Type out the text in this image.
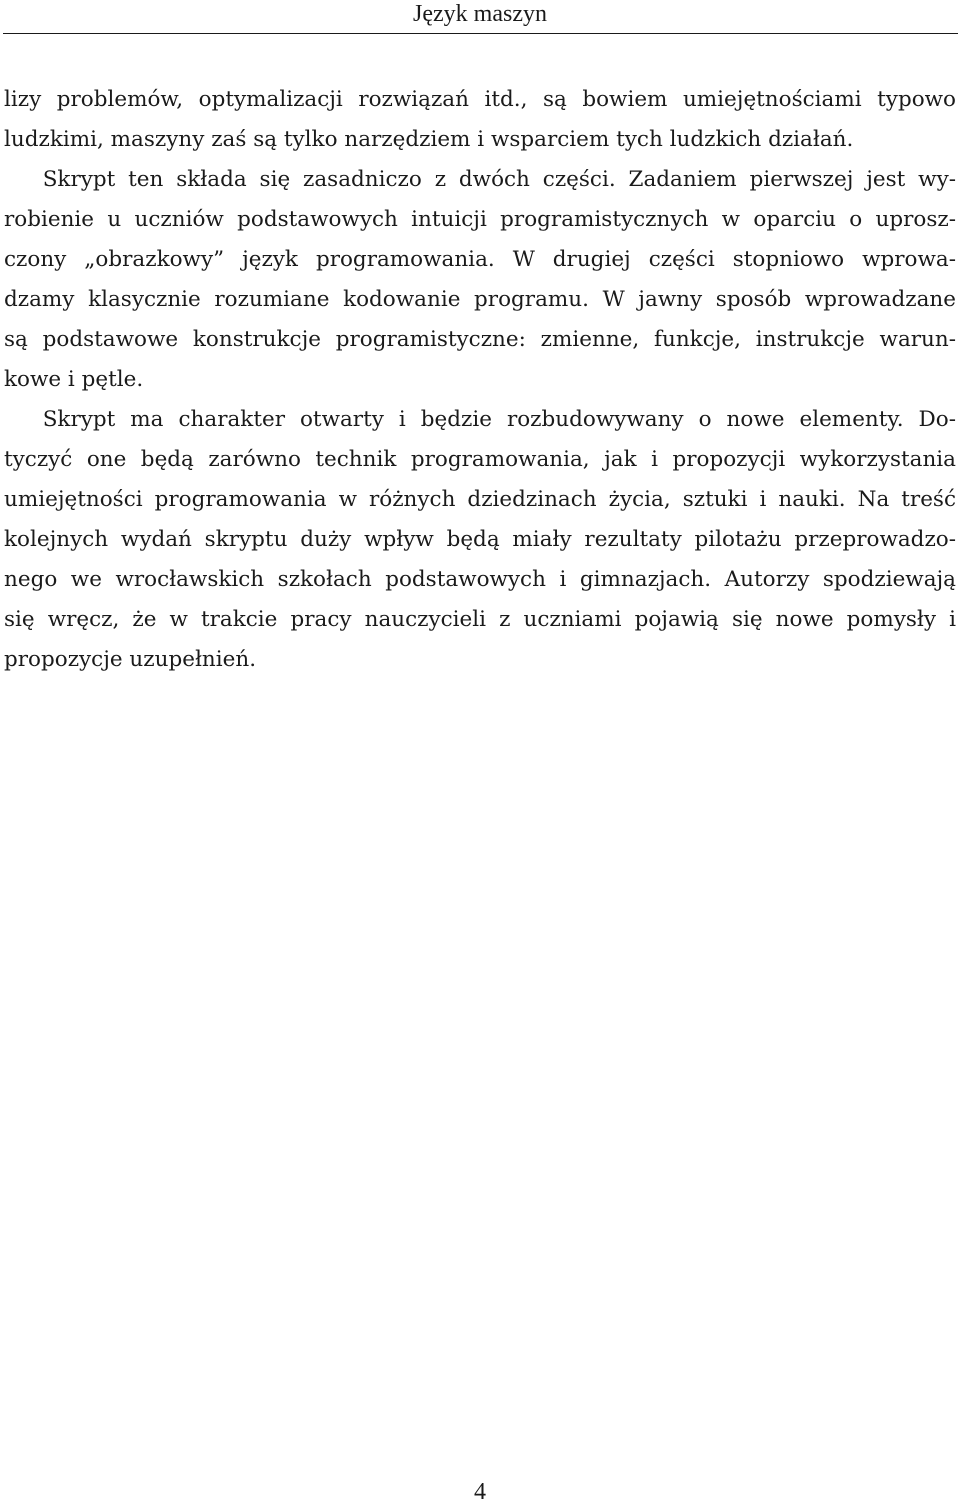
Język maszyn
lizy problemów, optymalizacji rozwiązań itd., są bowiem umiejętnościami typowo
ludzkimi, maszyny zaś są tylko narzędziem i wsparciem tych ludzkich działań.
Skrypt ten składa się zasadniczo z dwóch części. Zadaniem pierwszej jest wy-
robienie u uczniów podstawowych intuicji programistycznych w oparciu o uprosz-
czony „obrazkowy” język programowania. W drugiej części stopniowo wprowa-
dzamy klasycznie rozumiane kodowanie programu. W jawny sposób wprowadzane
są podstawowe konstrukcje programistyczne: zmienne, funkcje, instrukcje warun-
kowe i pętle.
Skrypt ma charakter otwarty i będzie rozbudowywany o nowe elementy. Do-
tyczyć one będą zarówno technik programowania, jak i propozycji wykorzystania
umiejętności programowania w różnych dziedzinach życia, sztuki i nauki. Na treść
kolejnych wydań skryptu duży wpływ będą miały rezultaty pilotażu przeprowadzo-
nego we wrocławskich szkołach podstawowych i gimnazjach. Autorzy spodziewają
się wręcz, że w trakcie pracy nauczycieli z uczniami pojawią się nowe pomysły i
propozycje uzupełnień.
4
